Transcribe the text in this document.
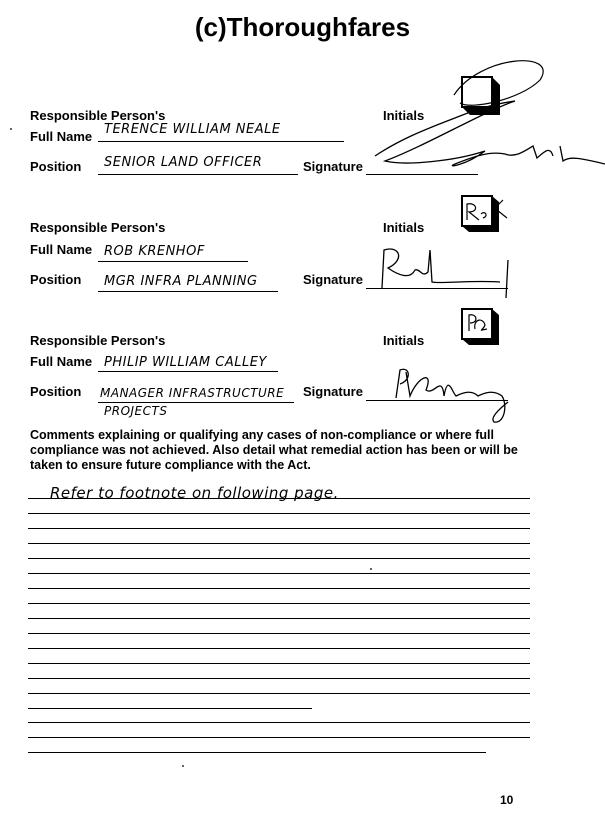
(c)Thoroughfares
Responsible Person's
Full Name TERENCE WILLIAM NEALE
Position SENIOR LAND OFFICER	Signature
Initials
Responsible Person's
Full Name ROB KRENHOF
Position MGR INFRA PLANNING	Signature
Initials
Responsible Person's
Full Name PHILIP WILLIAM CALLEY
Position MANAGER INFRASTRUCTURE
PROJECTS
Signature
Initials
Comments explaining or qualifying any cases of non-compliance or where full compliance was not achieved. Also detail what remedial action has been or will be taken to ensure future compliance with the Act.
Refer to footnote on following page.
10
